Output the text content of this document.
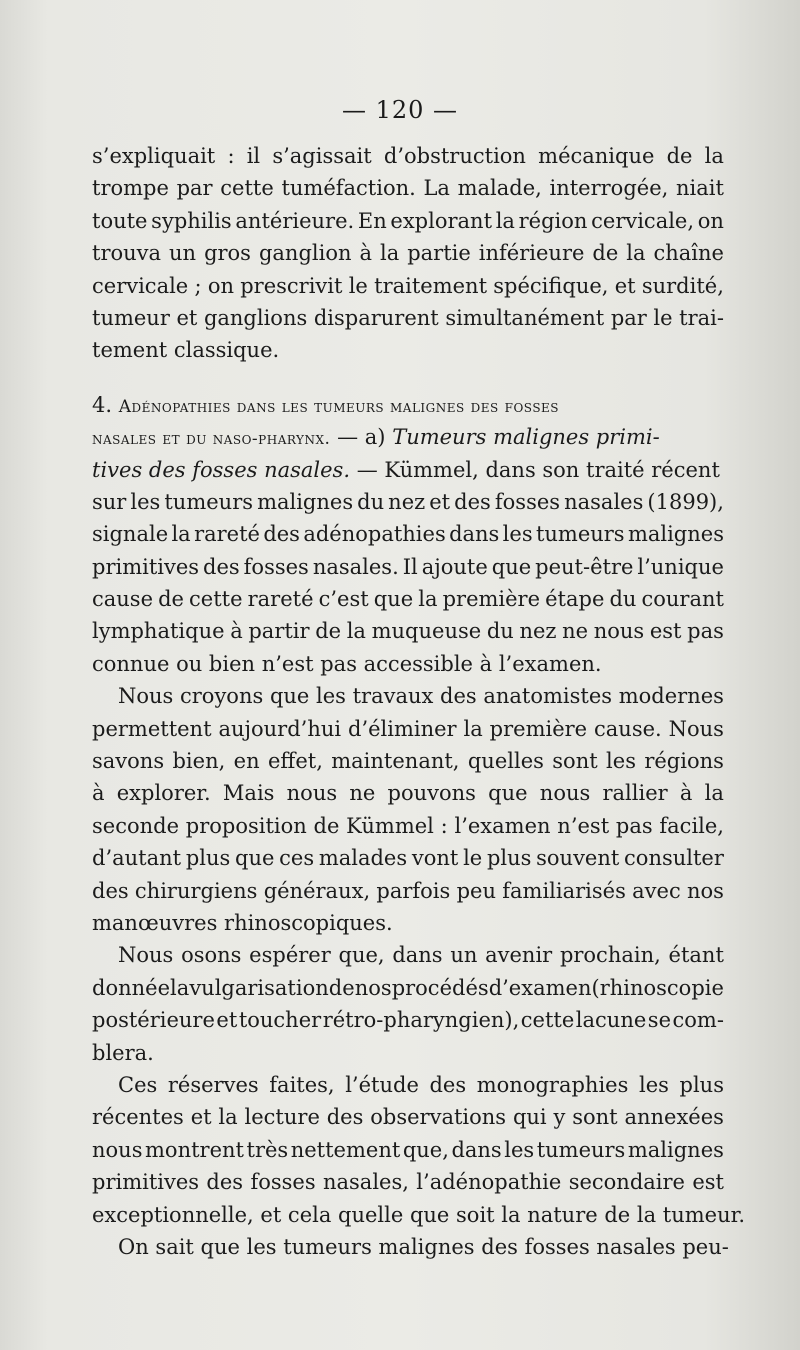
— 120 —
s’expliquait : il s’agissait d’obstruction mécanique de la
trompe par cette tuméfaction. La malade, interrogée, niait
toute syphilis antérieure. En explorant la région cervicale, on
trouva un gros ganglion à la partie inférieure de la chaîne
cervicale ; on prescrivit le traitement spécifique, et surdité,
tumeur et ganglions disparurent simultanément par le trai-
tement classique.
4. Adénopathies dans les tumeurs malignes des fosses
nasales et du naso-pharynx. — a) Tumeurs malignes primi-
tives des fosses nasales. — Kümmel, dans son traité récent
sur les tumeurs malignes du nez et des fosses nasales (1899),
signale la rareté des adénopathies dans les tumeurs malignes
primitives des fosses nasales. Il ajoute que peut-être l’unique
cause de cette rareté c’est que la première étape du courant
lymphatique à partir de la muqueuse du nez ne nous est pas
connue ou bien n’est pas accessible à l’examen.
Nous croyons que les travaux des anatomistes modernes
permettent aujourd’hui d’éliminer la première cause. Nous
savons bien, en effet, maintenant, quelles sont les régions
à explorer. Mais nous ne pouvons que nous rallier à la
seconde proposition de Kümmel : l’examen n’est pas facile,
d’autant plus que ces malades vont le plus souvent consulter
des chirurgiens généraux, parfois peu familiarisés avec nos
manœuvres rhinoscopiques.
Nous osons espérer que, dans un avenir prochain, étant
donnée la vulgarisation de nos procédés d’examen (rhinoscopie
postérieure et toucher rétro-pharyngien), cette lacune se com-
blera.
Ces réserves faites, l’étude des monographies les plus
récentes et la lecture des observations qui y sont annexées
nous montrent très nettement que, dans les tumeurs malignes
primitives des fosses nasales, l’adénopathie secondaire est
exceptionnelle, et cela quelle que soit la nature de la tumeur.
On sait que les tumeurs malignes des fosses nasales peu-
